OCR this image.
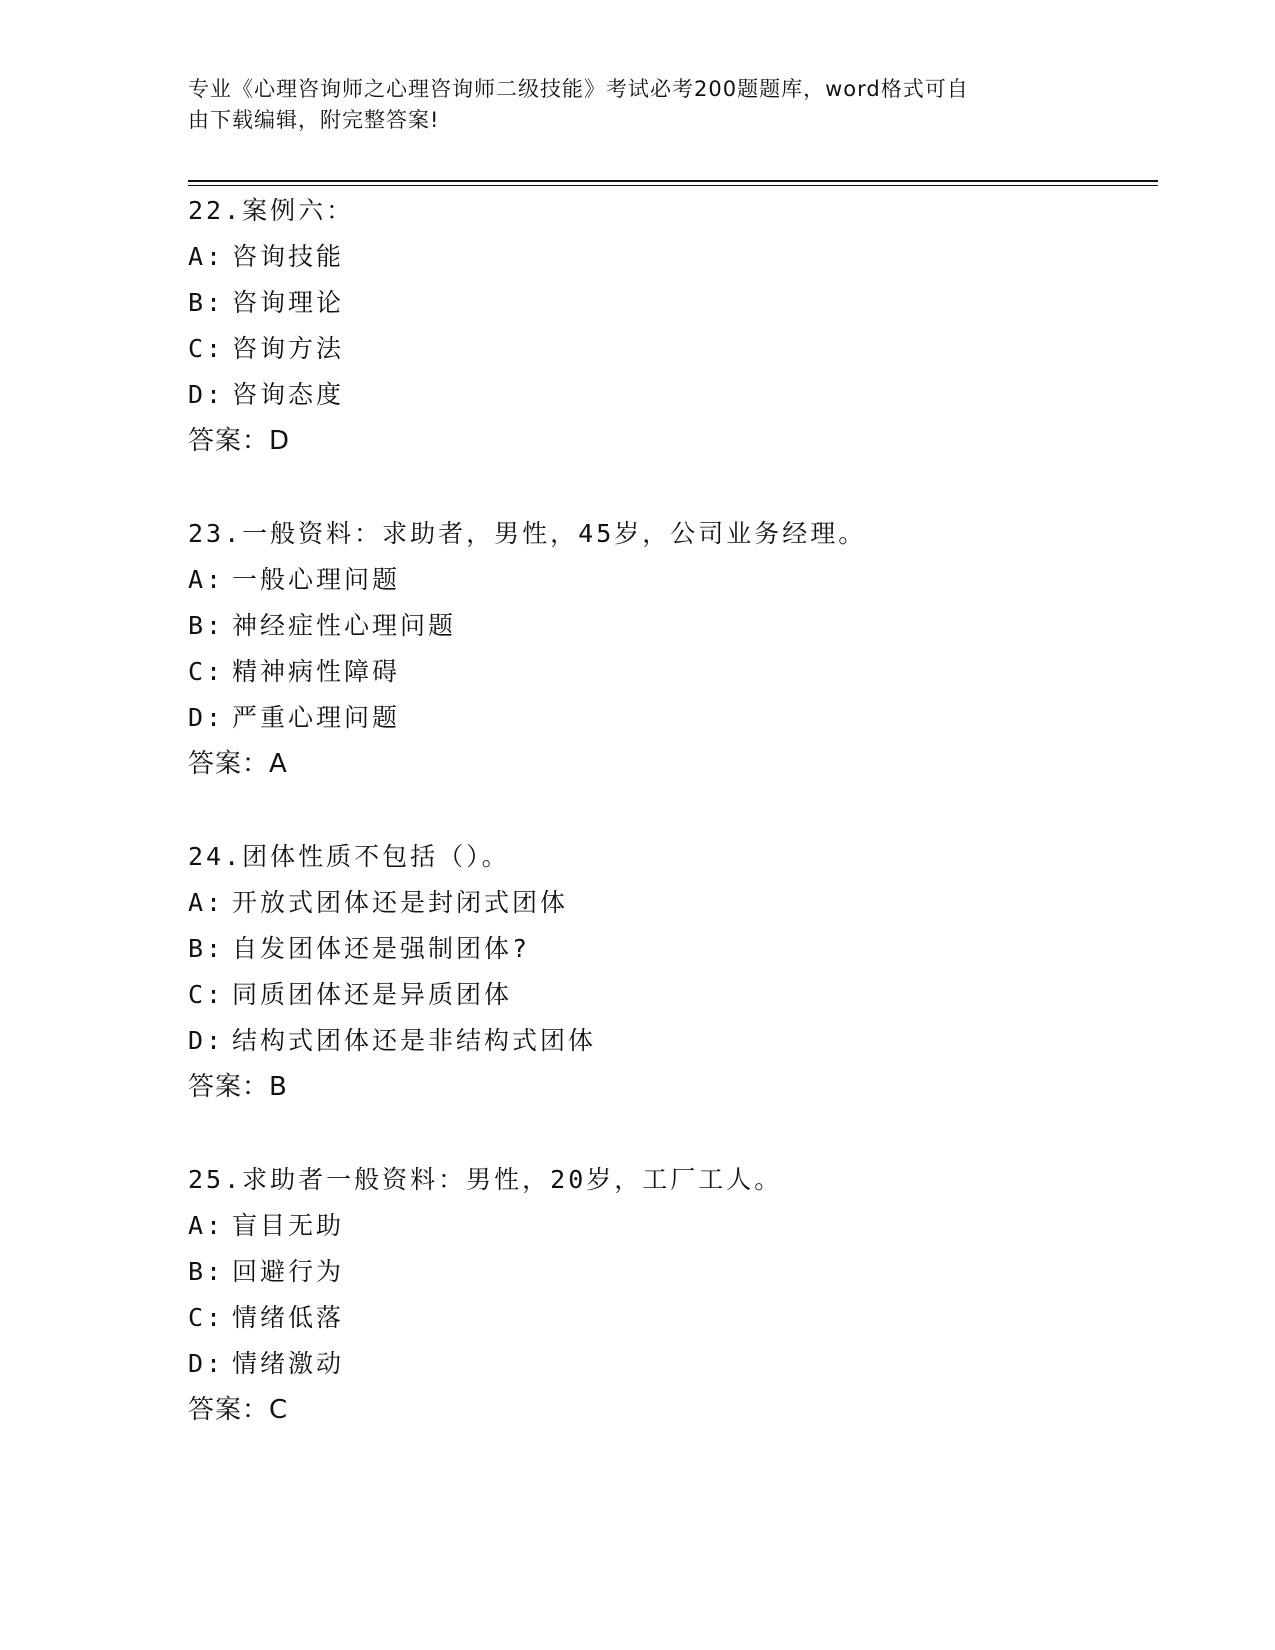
专业《心理咨询师之心理咨询师二级技能》考试必考200题题库，word格式可自
由下载编辑，附完整答案!
22.案例六：
A: 咨询技能
B: 咨询理论
C: 咨询方法
D: 咨询态度
答案：D
23.一般资料：求助者，男性，45岁，公司业务经理。
A: 一般心理问题
B: 神经症性心理问题
C: 精神病性障碍
D: 严重心理问题
答案：A
24.团体性质不包括（）。
A: 开放式团体还是封闭式团体
B: 自发团体还是强制团体?
C: 同质团体还是异质团体
D: 结构式团体还是非结构式团体
答案：B
25.求助者一般资料：男性，20岁，工厂工人。
A: 盲目无助
B: 回避行为
C: 情绪低落
D: 情绪激动
答案：C
